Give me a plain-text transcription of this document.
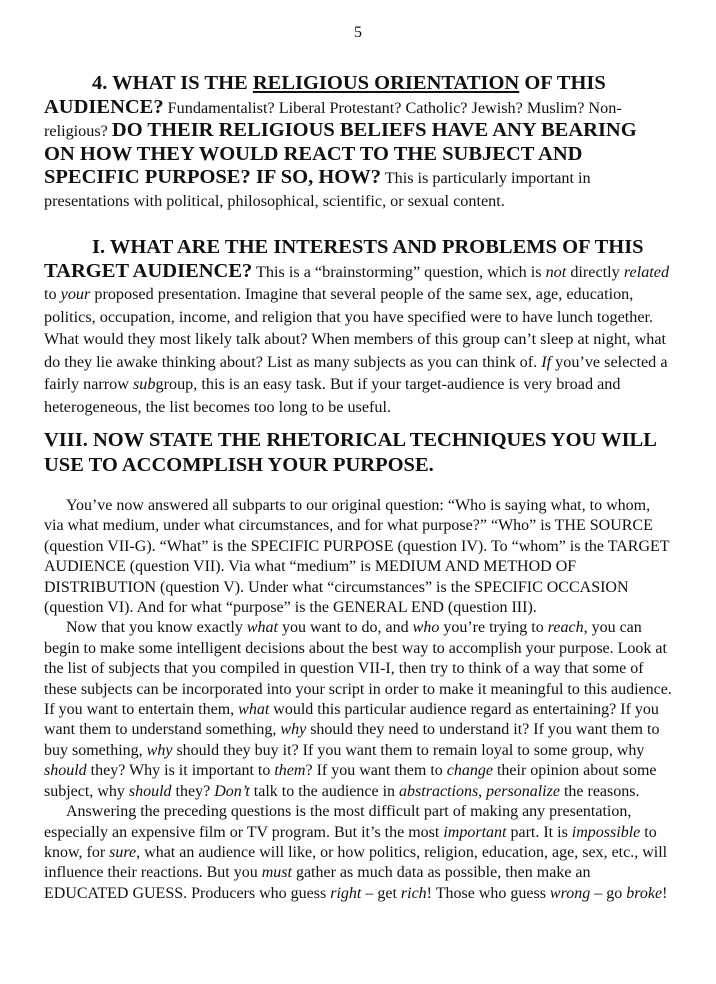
5

4. WHAT IS THE RELIGIOUS ORIENTATION OF THIS AUDIENCE? Fundamentalist? Liberal Protestant? Catholic? Jewish? Muslim? Non-religious? DO THEIR RELIGIOUS BELIEFS HAVE ANY BEARING ON HOW THEY WOULD REACT TO THE SUBJECT AND SPECIFIC PURPOSE? IF SO, HOW? This is particularly important in presentations with political, philosophical, scientific, or sexual content.

I. WHAT ARE THE INTERESTS AND PROBLEMS OF THIS TARGET AUDIENCE? This is a “brainstorming” question, which is not directly related to your proposed presentation. Imagine that several people of the same sex, age, education, politics, occupation, income, and religion that you have specified were to have lunch together. What would they most likely talk about? When members of this group can’t sleep at night, what do they lie awake thinking about? List as many subjects as you can think of. If you’ve selected a fairly narrow subgroup, this is an easy task. But if your target-audience is very broad and heterogeneous, the list becomes too long to be useful.

VIII. NOW STATE THE RHETORICAL TECHNIQUES YOU WILL USE TO ACCOMPLISH YOUR PURPOSE.

You’ve now answered all subparts to our original question: “Who is saying what, to whom, via what medium, under what circumstances, and for what purpose?” “Who” is THE SOURCE (question VII-G). “What” is the SPECIFIC PURPOSE (question IV). To “whom” is the TARGET AUDIENCE (question VII). Via what “medium” is MEDIUM AND METHOD OF DISTRIBUTION (question V). Under what “circumstances” is the SPECIFIC OCCASION (question VI). And for what “purpose” is the GENERAL END (question III).

Now that you know exactly what you want to do, and who you’re trying to reach, you can begin to make some intelligent decisions about the best way to accomplish your purpose. Look at the list of subjects that you compiled in question VII-I, then try to think of a way that some of these subjects can be incorporated into your script in order to make it meaningful to this audience. If you want to entertain them, what would this particular audience regard as entertaining? If you want them to understand something, why should they need to understand it? If you want them to buy something, why should they buy it? If you want them to remain loyal to some group, why should they? Why is it important to them? If you want them to change their opinion about some subject, why should they? Don’t talk to the audience in abstractions, personalize the reasons.

Answering the preceding questions is the most difficult part of making any presentation, especially an expensive film or TV program. But it’s the most important part. It is impossible to know, for sure, what an audience will like, or how politics, religion, education, age, sex, etc., will influence their reactions. But you must gather as much data as possible, then make an EDUCATED GUESS. Producers who guess right – get rich! Those who guess wrong – go broke!
